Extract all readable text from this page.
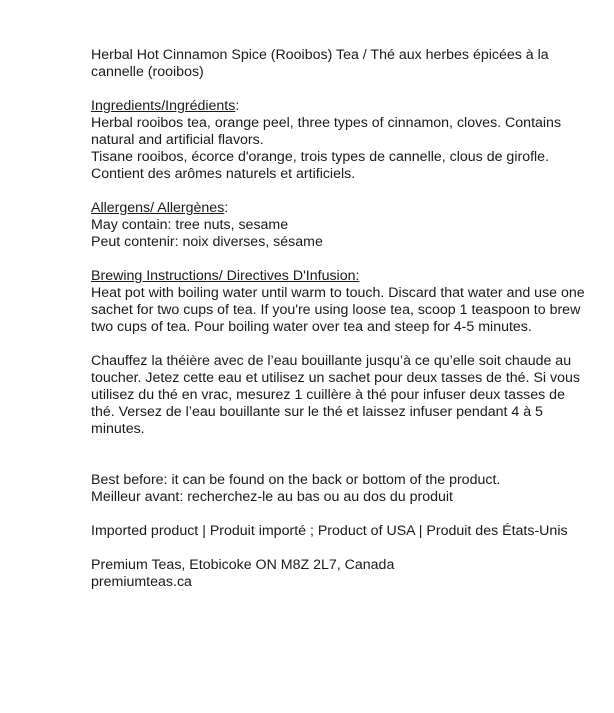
Herbal Hot Cinnamon Spice (Rooibos) Tea / Thé aux herbes épicées à la cannelle (rooibos)

Ingredients/Ingrédients:

Herbal rooibos tea, orange peel, three types of cinnamon, cloves. Contains natural and artificial flavors.

Tisane rooibos, écorce d'orange, trois types de cannelle, clous de girofle. Contient des arômes naturels et artificiels.

Allergens/ Allergènes:

May contain: tree nuts, sesame

Peut contenir: noix diverses, sésame

Brewing Instructions/ Directives D'Infusion:

Heat pot with boiling water until warm to touch. Discard that water and use one sachet for two cups of tea. If you're using loose tea, scoop 1 teaspoon to brew two cups of tea. Pour boiling water over tea and steep for 4-5 minutes.

Chauffez la théière avec de l’eau bouillante jusqu’à ce qu’elle soit chaude au toucher. Jetez cette eau et utilisez un sachet pour deux tasses de thé. Si vous utilisez du thé en vrac, mesurez 1 cuillère à thé pour infuser deux tasses de thé. Versez de l’eau bouillante sur le thé et laissez infuser pendant 4 à 5 minutes.

Best before: it can be found on the back or bottom of the product.

Meilleur avant: recherchez-le au bas ou au dos du produit

Imported product | Produit importé ; Product of USA | Produit des États-Unis

Premium Teas, Etobicoke ON M8Z 2L7, Canada

premiumteas.ca
